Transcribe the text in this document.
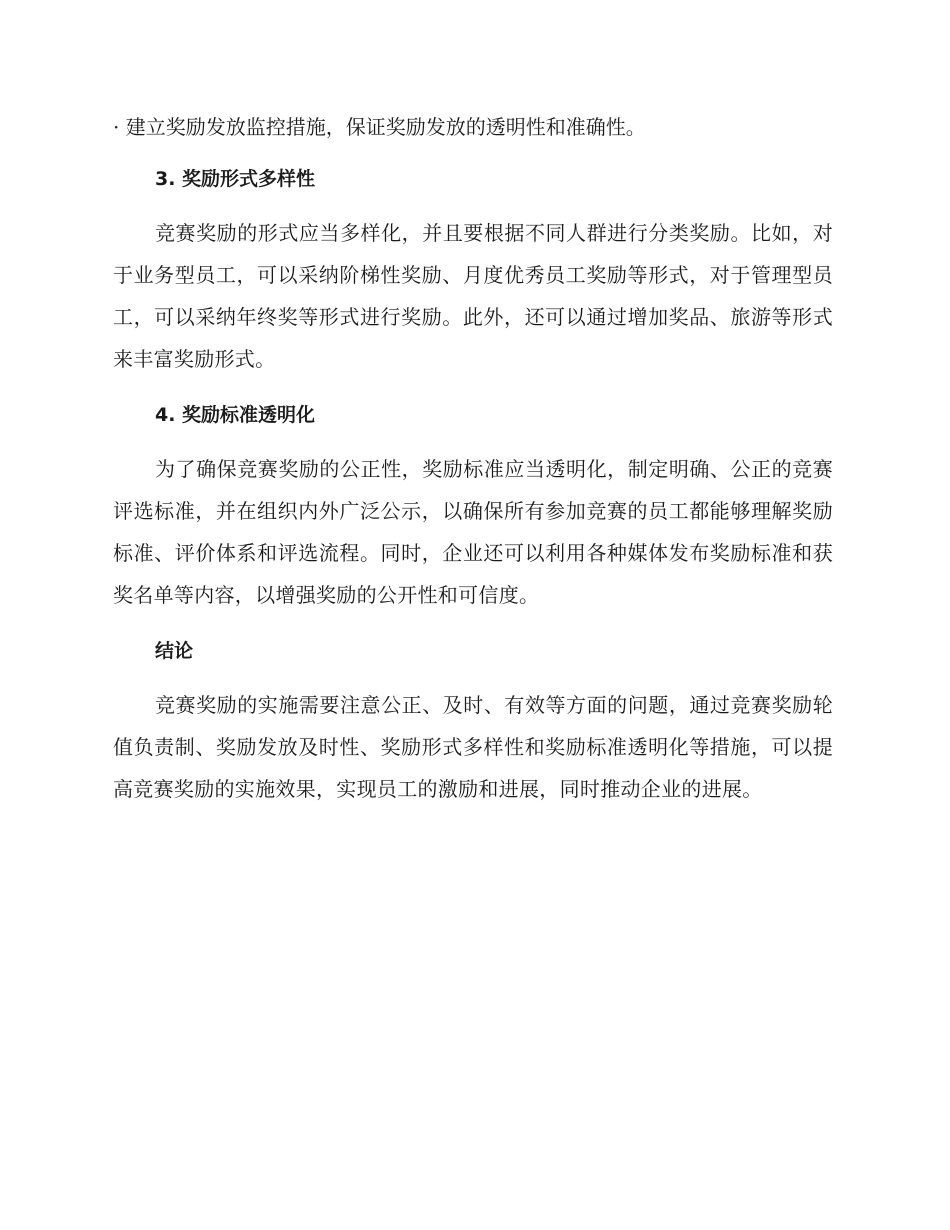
· 建立奖励发放监控措施，保证奖励发放的透明性和准确性。

3. 奖励形式多样性

竞赛奖励的形式应当多样化，并且要根据不同人群进行分类奖励。比如，对于业务型员工，可以采纳阶梯性奖励、月度优秀员工奖励等形式，对于管理型员工，可以采纳年终奖等形式进行奖励。此外，还可以通过增加奖品、旅游等形式来丰富奖励形式。

4. 奖励标准透明化

为了确保竞赛奖励的公正性，奖励标准应当透明化，制定明确、公正的竞赛评选标准，并在组织内外广泛公示，以确保所有参加竞赛的员工都能够理解奖励标准、评价体系和评选流程。同时，企业还可以利用各种媒体发布奖励标准和获奖名单等内容，以增强奖励的公开性和可信度。

结论

竞赛奖励的实施需要注意公正、及时、有效等方面的问题，通过竞赛奖励轮值负责制、奖励发放及时性、奖励形式多样性和奖励标准透明化等措施，可以提高竞赛奖励的实施效果，实现员工的激励和进展，同时推动企业的进展。
